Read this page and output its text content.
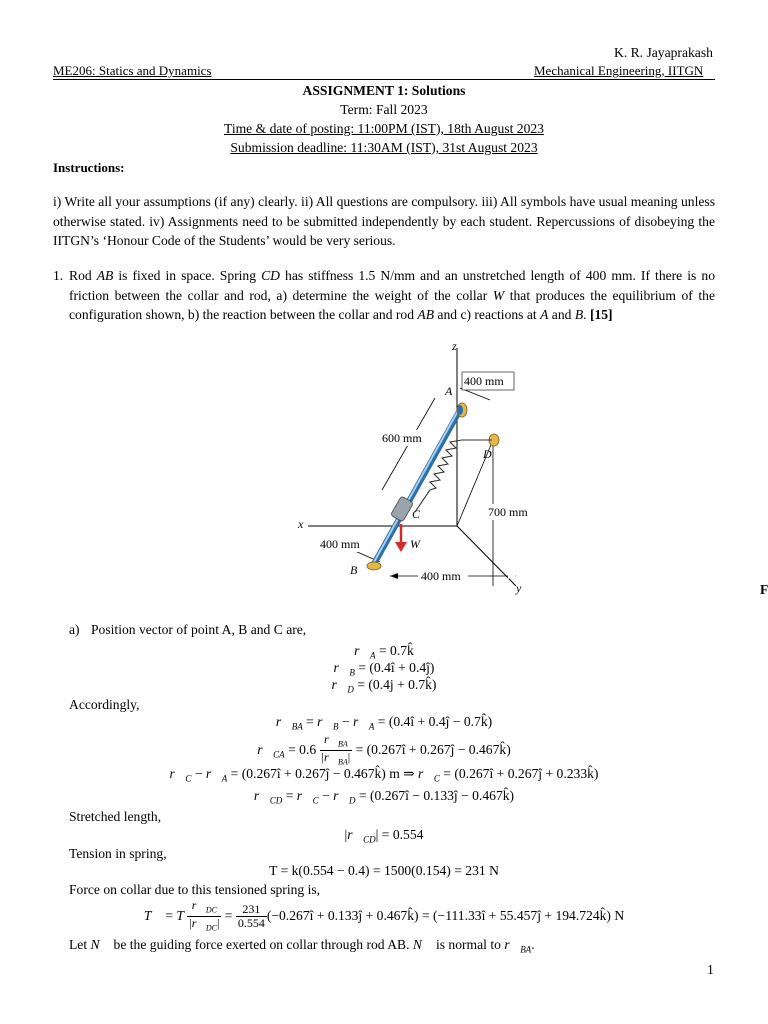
K. R. Jayaprakash
ME206: Statics and Dynamics	Mechanical Engineering, IITGN
ASSIGNMENT 1: Solutions
Term: Fall 2023
Time & date of posting: 11:00PM (IST), 18th August 2023
Submission deadline: 11:30AM (IST), 31st August 2023
Instructions:
i) Write all your assumptions (if any) clearly. ii) All questions are compulsory. iii) All symbols have usual meaning unless otherwise stated. iv) Assignments need to be submitted independently by each student. Repercussions of disobeying the IITGN’s ‘Honour Code of the Students’ would be very serious.
1. Rod AB is fixed in space. Spring CD has stiffness 1.5 N/mm and an unstretched length of 400 mm. If there is no friction between the collar and rod, a) determine the weight of the collar W that produces the equilibrium of the configuration shown, b) the reaction between the collar and rod AB and c) reactions at A and B. [15]
z
x
y
400 mm
700 mm
400 mm
600 mm
400 mm
A
B
D
C
W
F
a) Position vector of point A, B and C are,
$r⃗_A$ = 0.7k̂
$r⃗_B$ = (0.4î + 0.4ĵ)
$r⃗_D = (0.4j$ + 0.7k̂)
Accordingly,
$r⃗_{BA}$ = $r⃗_B$ − $r⃗_A$ = (0.4î + 0.4ĵ − 0.7k̂)
$r⃗_{CA} = 0.6 \frac{r⃗_{BA}}{|r⃗_{BA}|}$ = (0.267î + 0.267ĵ − 0.467k̂)
$r⃗_C$ − $r⃗_A$ = (0.267î + 0.267ĵ − 0.467k̂) m ⇒ $r⃗_C$ = (0.267î + 0.267ĵ + 0.233k̂)
$r⃗_{CD}$ = $r⃗_C$ − $r⃗_D$ = (0.267î − 0.133ĵ − 0.467k̂)
Stretched length,
$|r⃗_{CD}| = 0.554$
Tension in spring,
T = k(0.554 − 0.4) = 1500(0.154) = 231 N
Force on collar due to this tensioned spring is,
T⃗ = T $\frac{r⃗_{DC}}{|r⃗_{DC}|} = \frac{231}{0.554}$ (−0.267î + 0.133ĵ + 0.467k̂) = (−111.33î + 55.457ĵ + 194.724k̂) N
Let N⃗ be the guiding force exerted on collar through rod AB. N⃗ is normal to $r⃗_{BA}$.
1
